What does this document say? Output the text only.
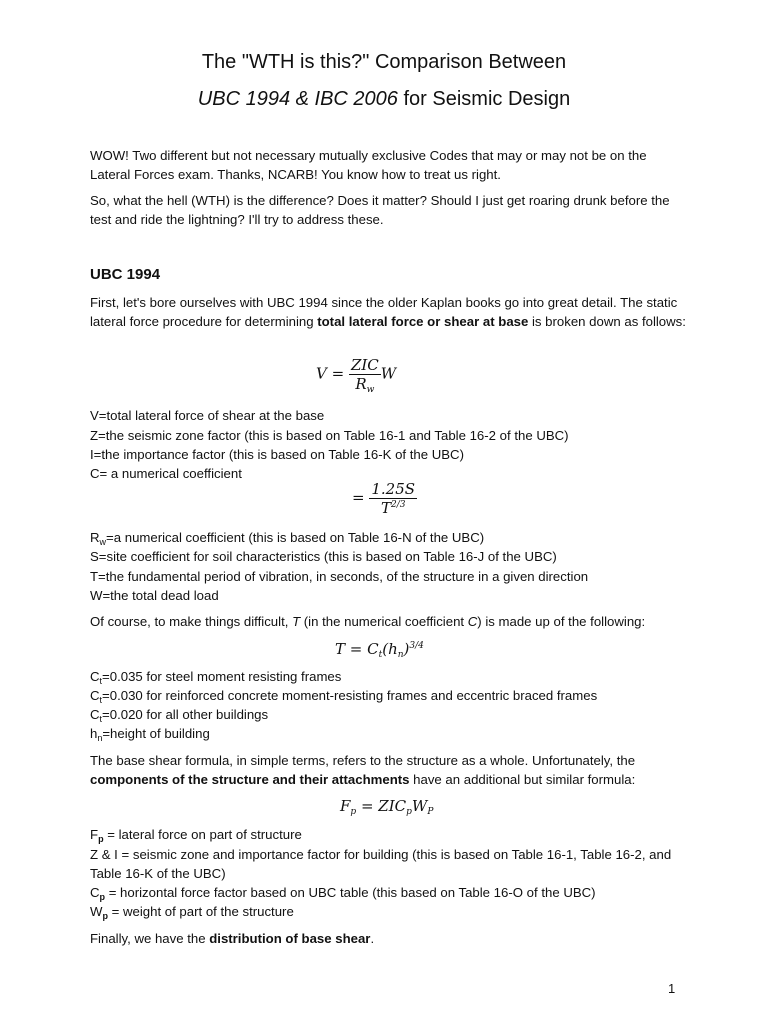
The "WTH is this?" Comparison Between
UBC 1994 & IBC 2006 for Seismic Design
WOW! Two different but not necessary mutually exclusive Codes that may or may not be on the Lateral Forces exam. Thanks, NCARB! You know how to treat us right.
So, what the hell (WTH) is the difference? Does it matter? Should I just get roaring drunk before the test and ride the lightning? I'll try to address these.
UBC 1994
First, let's bore ourselves with UBC 1994 since the older Kaplan books go into great detail. The static lateral force procedure for determining total lateral force or shear at base is broken down as follows:
$V = \frac{\text{ZIC}}{R_w}$ W
V=total lateral force of shear at the base
Z=the seismic zone factor (this is based on Table 16-1 and Table 16-2 of the UBC)
I=the importance factor (this is based on Table 16-K of the UBC)
C= a numerical coefficient
= $\frac{1.25S}{T^{2/3}}$
$R_w=a$ numerical coefficient (this is based on Table 16-N of the UBC)
S=site coefficient for soil characteristics (this is based on Table 16-J of the UBC)
T=the fundamental period of vibration, in seconds, of the structure in a given direction
W=the total dead load
Of course, to make things difficult, T (in the numerical coefficient C) is made up of the following:
$T = C_t(h_n)^{3/4}$
$C_t=0.035$ for steel moment resisting frames
$C_t=0.030$ for reinforced concrete moment-resisting frames and eccentric braced frames
$C_t=0.020$ for all other buildings
$h_n=height$ of building
The base shear formula, in simple terms, refers to the structure as a whole. Unfortunately, the components of the structure and their attachments have an additional but similar formula:
$F_p = ZIC_pW_P$
$F_p$ = lateral force on part of structure
Z & I = seismic zone and importance factor for building (this is based on Table 16-1, Table 16-2, and Table 16-K of the UBC)
$C_p$ = horizontal force factor based on UBC table (this based on Table 16-O of the UBC)
$W_p$ = weight of part of the structure
Finally, we have the distribution of base shear.
1
